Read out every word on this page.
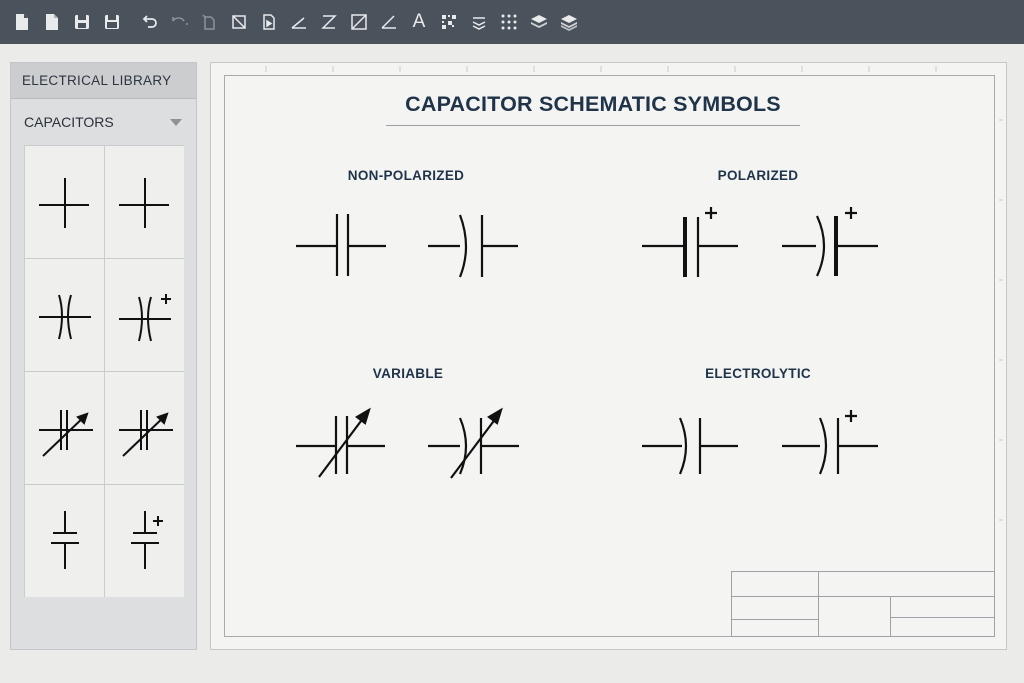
A
ELECTRICAL LIBRARY
CAPACITORS
CAPACITOR SCHEMATIC SYMBOLS
NON-POLARIZED	POLARIZED
VARIABLE	ELECTROLYTIC
